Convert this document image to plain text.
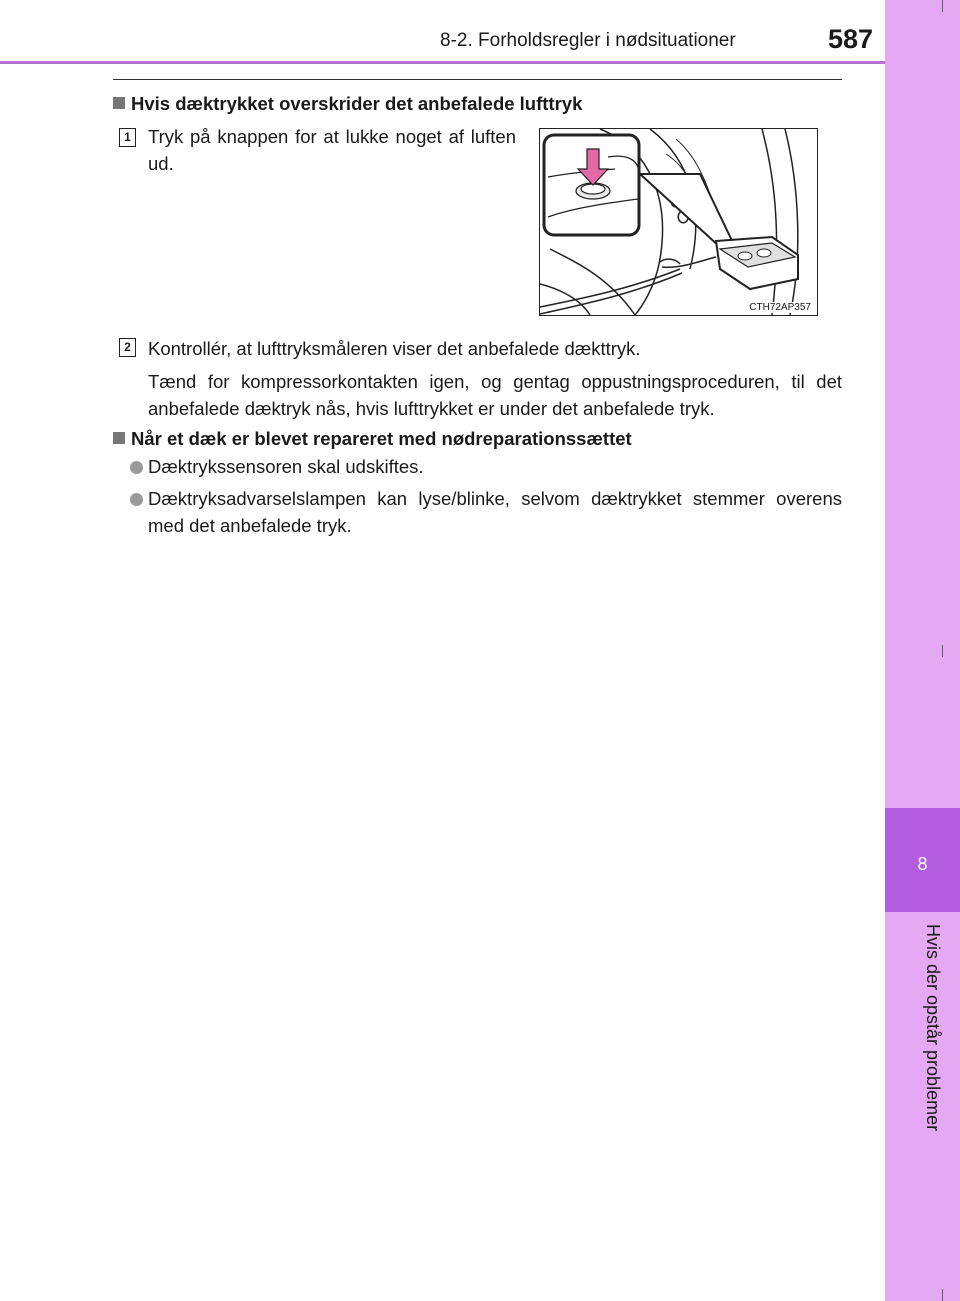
8-2. Forholdsregler i nødsituationer	587
8
Hvis der opstår problemer
Hvis dæktrykket overskrider det anbefalede lufttryk
1 Tryk på knappen for at lukke noget af luften ud.
CTH72AP357
2 Kontrollér, at lufttryksmåleren viser det anbefalede dækttryk.
Tænd for kompressorkontakten igen, og gentag oppustningsproceduren, til det anbefalede dæktryk nås, hvis lufttrykket er under det anbefalede tryk.
Når et dæk er blevet repareret med nødreparationssættet
Dæktrykssensoren skal udskiftes.
Dæktryksadvarselslampen kan lyse/blinke, selvom dæktrykket stemmer overens med det anbefalede tryk.
